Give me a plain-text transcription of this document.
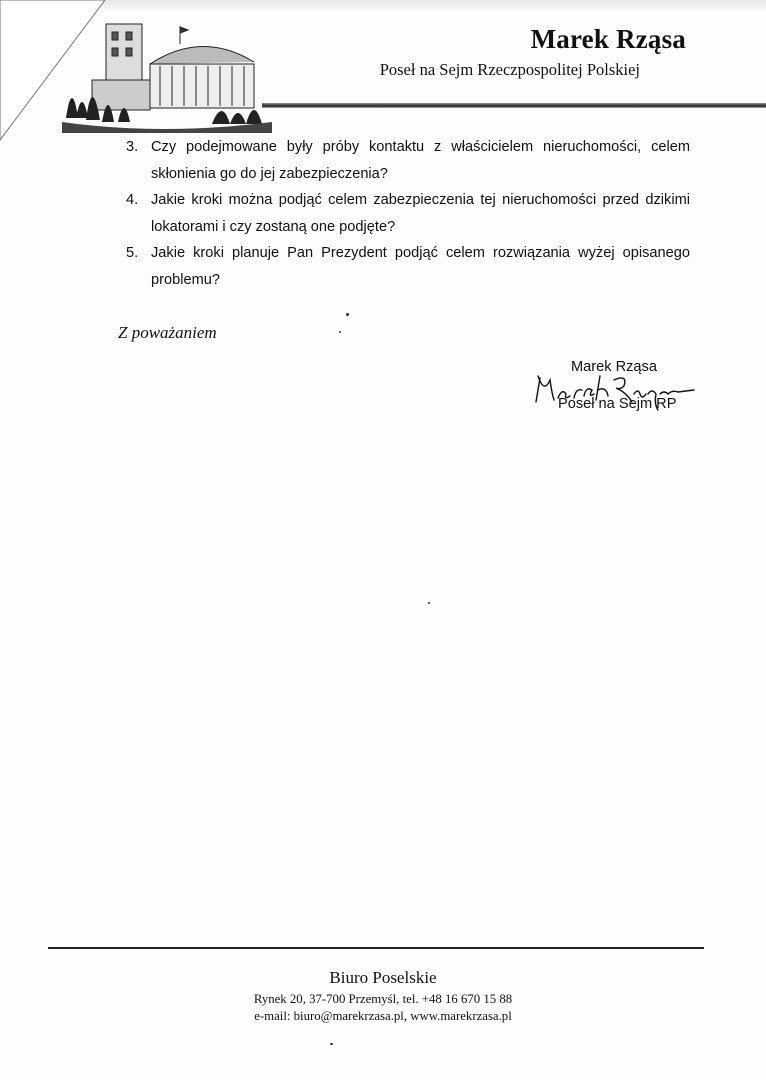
Marek Rząsa
Poseł na Sejm Rzeczpospolitej Polskiej
3. Czy podejmowane były próby kontaktu z właścicielem nieruchomości, celem skłonienia go do jej zabezpieczenia?
4. Jakie kroki można podjąć celem zabezpieczenia tej nieruchomości przed dzikimi lokatorami i czy zostaną one podjęte?
5. Jakie kroki planuje Pan Prezydent podjąć celem rozwiązania wyżej opisanego problemu?
Z poważaniem
Marek Rząsa
Poseł na Sejm RP
Biuro Poselskie
Rynek 20, 37-700 Przemyśl, tel. +48 16 670 15 88
e-mail: biuro@marekrzasa.pl, www.marekrzasa.pl
